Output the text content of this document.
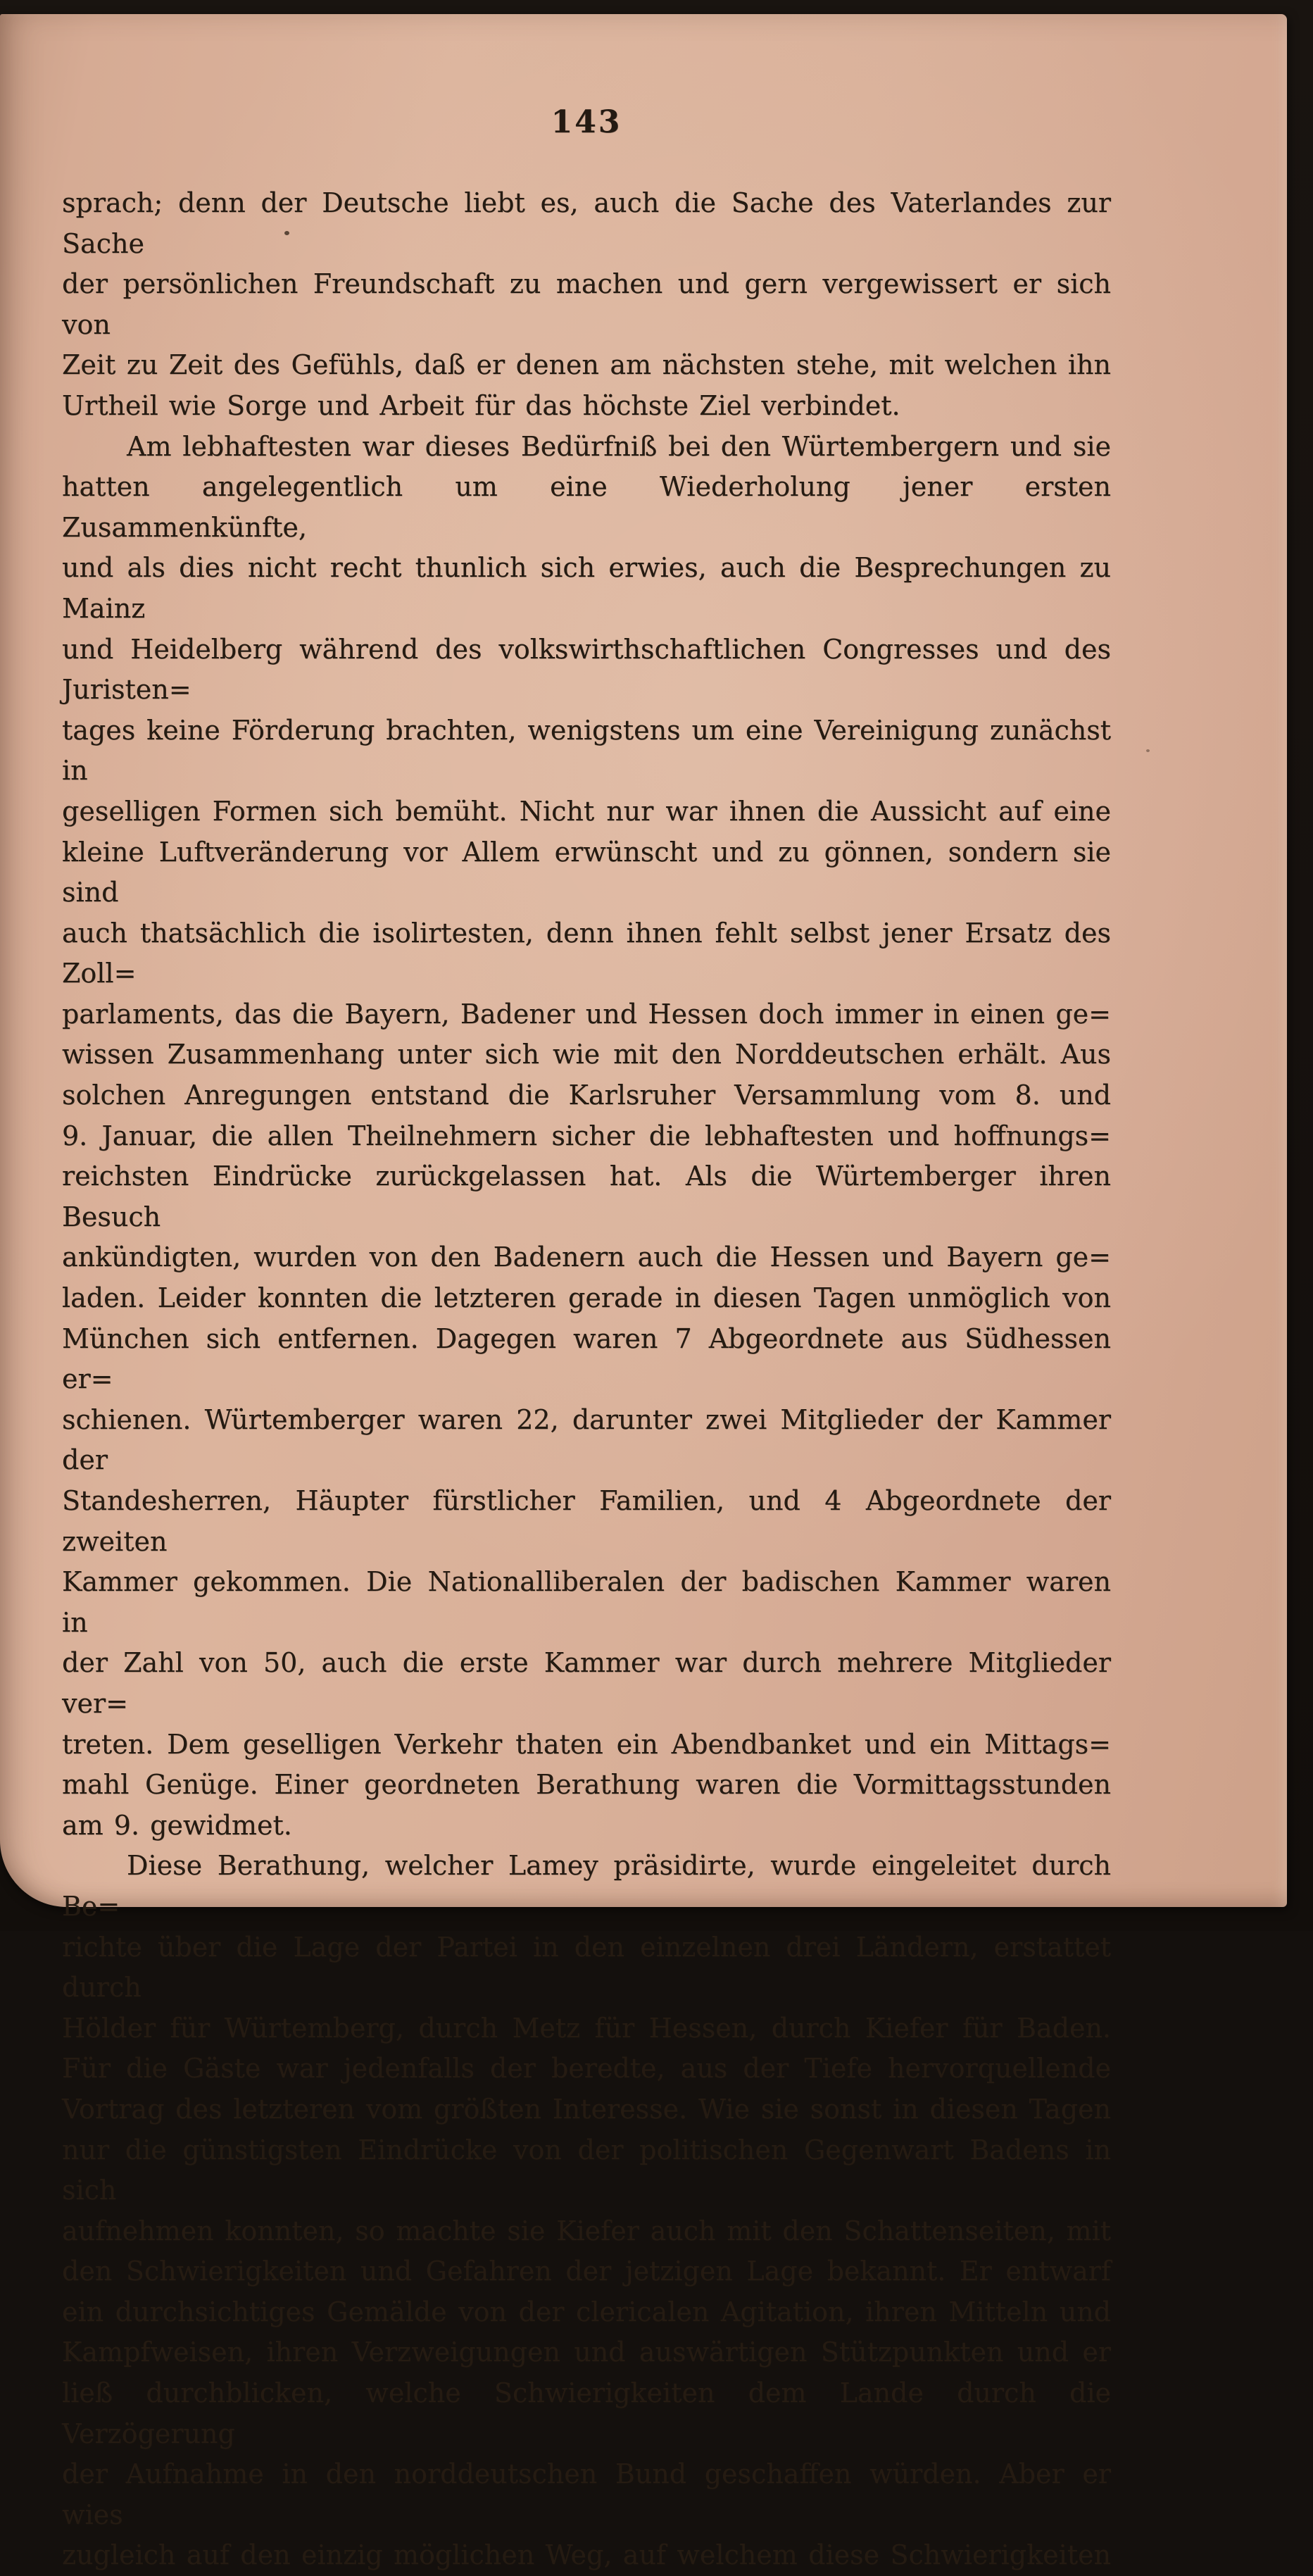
143
sprach; denn der Deutsche liebt es, auch die Sache des Vaterlandes zur Sache
der persönlichen Freundschaft zu machen und gern vergewissert er sich von
Zeit zu Zeit des Gefühls, daß er denen am nächsten stehe, mit welchen ihn
Urtheil wie Sorge und Arbeit für das höchste Ziel verbindet.
Am lebhaftesten war dieses Bedürfniß bei den Würtembergern und sie
hatten angelegentlich um eine Wiederholung jener ersten Zusammenkünfte,
und als dies nicht recht thunlich sich erwies, auch die Besprechungen zu Mainz
und Heidelberg während des volkswirthschaftlichen Congresses und des Juristen=
tages keine Förderung brachten, wenigstens um eine Vereinigung zunächst in
geselligen Formen sich bemüht. Nicht nur war ihnen die Aussicht auf eine
kleine Luftveränderung vor Allem erwünscht und zu gönnen, sondern sie sind
auch thatsächlich die isolirtesten, denn ihnen fehlt selbst jener Ersatz des Zoll=
parlaments, das die Bayern, Badener und Hessen doch immer in einen ge=
wissen Zusammenhang unter sich wie mit den Norddeutschen erhält. Aus
solchen Anregungen entstand die Karlsruher Versammlung vom 8. und
9. Januar, die allen Theilnehmern sicher die lebhaftesten und hoffnungs=
reichsten Eindrücke zurückgelassen hat. Als die Würtemberger ihren Besuch
ankündigten, wurden von den Badenern auch die Hessen und Bayern ge=
laden. Leider konnten die letzteren gerade in diesen Tagen unmöglich von
München sich entfernen. Dagegen waren 7 Abgeordnete aus Südhessen er=
schienen. Würtemberger waren 22, darunter zwei Mitglieder der Kammer der
Standesherren, Häupter fürstlicher Familien, und 4 Abgeordnete der zweiten
Kammer gekommen. Die Nationalliberalen der badischen Kammer waren in
der Zahl von 50, auch die erste Kammer war durch mehrere Mitglieder ver=
treten. Dem geselligen Verkehr thaten ein Abendbanket und ein Mittags=
mahl Genüge. Einer geordneten Berathung waren die Vormittagsstunden
am 9. gewidmet.
Diese Berathung, welcher Lamey präsidirte, wurde eingeleitet durch Be=
richte über die Lage der Partei in den einzelnen drei Ländern, erstattet durch
Hölder für Würtemberg, durch Metz für Hessen, durch Kiefer für Baden.
Für die Gäste war jedenfalls der beredte, aus der Tiefe hervorquellende
Vortrag des letzteren vom größten Interesse. Wie sie sonst in diesen Tagen
nur die günstigsten Eindrücke von der politischen Gegenwart Badens in sich
aufnehmen konnten, so machte sie Kiefer auch mit den Schattenseiten, mit
den Schwierigkeiten und Gefahren der jetzigen Lage bekannt. Er entwarf
ein durchsichtiges Gemälde von der clericalen Agitation, ihren Mitteln und
Kampfweisen, ihren Verzweigungen und auswärtigen Stützpunkten und er
ließ durchblicken, welche Schwierigkeiten dem Lande durch die Verzögerung
der Aufnahme in den norddeutschen Bund geschaffen würden. Aber er wies
zugleich auf den einzig möglichen Weg, auf welchem diese Schwierigkeiten
